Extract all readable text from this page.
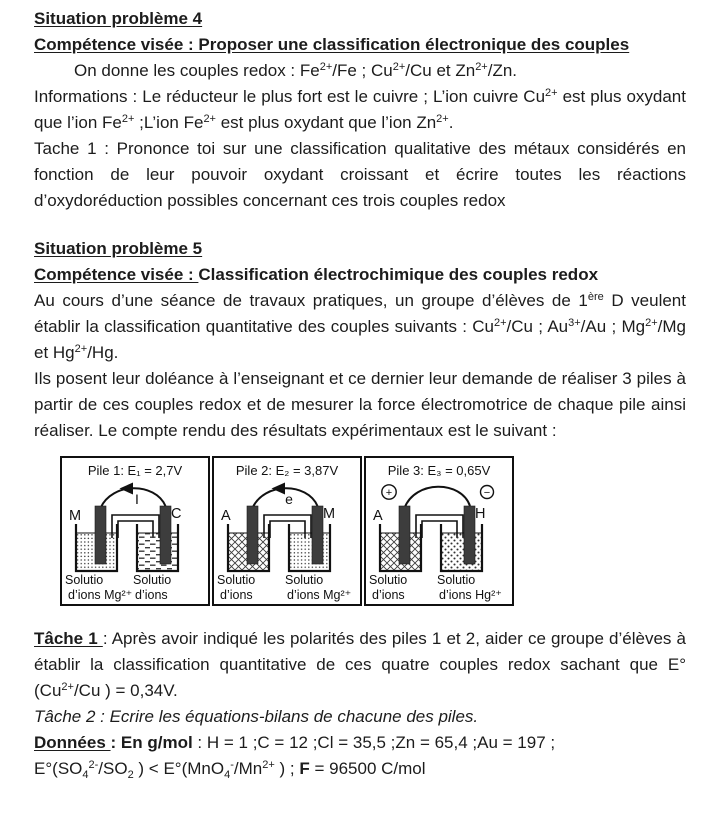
Situation problème 4
Compétence visée : Proposer une classification électronique des couples

On donne les couples redox : $Fe^{2+}/Fe$ ; $Cu^{2+}/Cu$ et $Zn^{2+}/Zn$.

Informations : Le réducteur le plus fort est le cuivre ; L’ion cuivre $Cu^{2+}$ est plus oxydant que l’ion $Fe^{2+}$ ;L’ion $Fe^{2+}$ est plus oxydant que l’ion $Zn^{2+}$.

Tache 1 : Prononce toi sur une classification qualitative des métaux considérés en fonction de leur pouvoir oxydant croissant et écrire toutes les réactions d’oxydoréduction possibles concernant ces trois couples redox

Situation problème 5

Compétence visée : Classification électrochimique des couples redox

Au cours d’une séance de travaux pratiques, un groupe d’élèves de 1ère D veulent établir la classification quantitative des couples suivants : $Cu^{2+}/Cu$ ; $Au^{3+}/Au$ ; $Mg^{2+}/Mg$ et $Hg^{2+}/Hg$.

Ils posent leur doléance à l’enseignant et ce dernier leur demande de réaliser 3 piles à partir de ces couples redox et de mesurer la force électromotrice de chaque pile ainsi réaliser. Le compte rendu des résultats expérimentaux est le suivant :

Pile 1: E₁ = 2,7V
I
M	C
Solutio
d’ions Mg²⁺
Solutio
d’ions
Pile 2: E₂ = 3,87V
e
A	M
Solutio
d’ions
Solutio
d’ions Mg²⁺
Pile 3: E₃ = 0,65V
+	−
A	H
Solutio
d’ions
Solutio
d’ions Hg²⁺

Tâche 1 : Après avoir indiqué les polarités des piles 1 et 2, aider ce groupe d’élèves à établir la classification quantitative de ces quatre couples redox sachant que $E^\circ(Cu^{2+}/Cu$ ) = 0,34V.

Tâche 2 : Ecrire les équations-bilans de chacune des piles.

Données : En g/mol : H = 1 ;C = 12 ;Cl = 35,5 ;Zn = 65,4 ;Au = 197 ;

$E^\circ(SO_4^{2-}/SO_2$ ) < $E^\circ(MnO_4^-/Mn^{2+}$ ) ; F = 96500 C/mol
